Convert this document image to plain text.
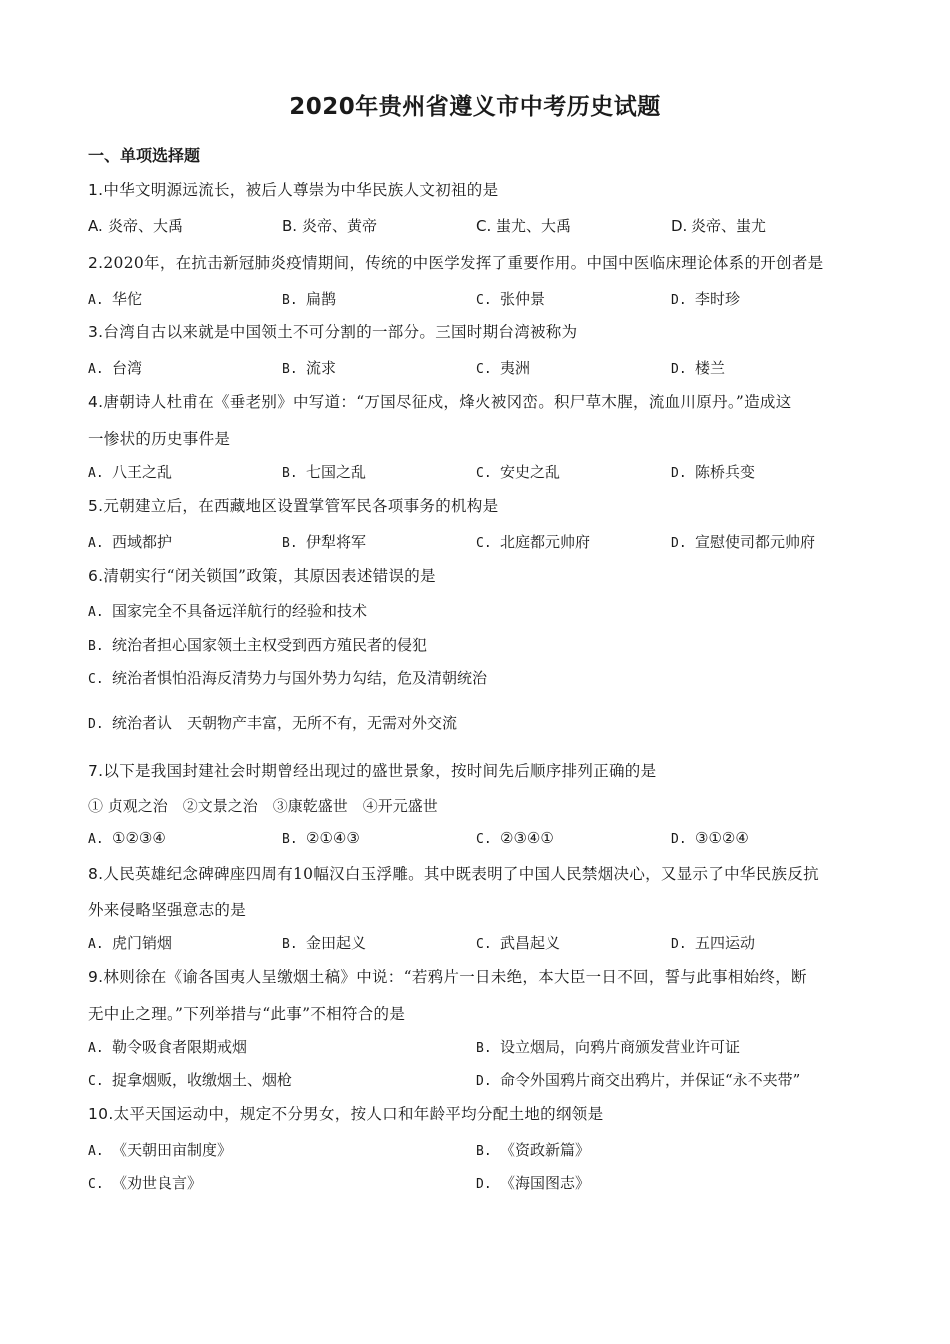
2020年贵州省遵义市中考历史试题
一、单项选择题
1.中华文明源远流长，被后人尊崇为中华民族人文初祖的是
A. 炎帝、大禹	B. 炎帝、黄帝	C. 蚩尤、大禹	D. 炎帝、蚩尤
2.2020年，在抗击新冠肺炎疫情期间，传统的中医学发挥了重要作用。中国中医临床理论体系的开创者是
A. 华佗	B. 扁鹊	C. 张仲景	D. 李时珍
3.台湾自古以来就是中国领土不可分割的一部分。三国时期台湾被称为
A. 台湾	B. 流求	C. 夷洲	D. 楼兰
4.唐朝诗人杜甫在《垂老别》中写道：“万国尽征戍，烽火被冈峦。积尸草木腥，流血川原丹。”造成这
一惨状的历史事件是
A. 八王之乱	B. 七国之乱	C. 安史之乱	D. 陈桥兵变
5.元朝建立后，在西藏地区设置掌管军民各项事务的机构是
A. 西域都护	B. 伊犁将军	C. 北庭都元帅府	D. 宣慰使司都元帅府
6.清朝实行“闭关锁国”政策，其原因表述错误的是
A. 国家完全不具备远洋航行的经验和技术
B. 统治者担心国家领土主权受到西方殖民者的侵犯
C. 统治者惧怕沿海反清势力与国外势力勾结，危及清朝统治
D. 统治者认　天朝物产丰富，无所不有，无需对外交流
7.以下是我国封建社会时期曾经出现过的盛世景象，按时间先后顺序排列正确的是
① 贞观之治　②文景之治　③康乾盛世　④开元盛世
A. ①②③④	B. ②①④③	C. ②③④①	D. ③①②④
8.人民英雄纪念碑碑座四周有10幅汉白玉浮雕。其中既表明了中国人民禁烟决心，又显示了中华民族反抗
外来侵略坚强意志的是
A. 虎门销烟	B. 金田起义	C. 武昌起义	D. 五四运动
9.林则徐在《谕各国夷人呈缴烟土稿》中说：“若鸦片一日未绝，本大臣一日不回，誓与此事相始终，断
无中止之理。”下列举措与“此事”不相符合的是
A. 勒令吸食者限期戒烟	B. 设立烟局，向鸦片商颁发营业许可证
C. 捉拿烟贩，收缴烟土、烟枪	D. 命令外国鸦片商交出鸦片，并保证“永不夹带”
10.太平天国运动中，规定不分男女，按人口和年龄平均分配土地的纲领是
A. 《天朝田亩制度》	B. 《资政新篇》
C. 《劝世良言》	D. 《海国图志》
